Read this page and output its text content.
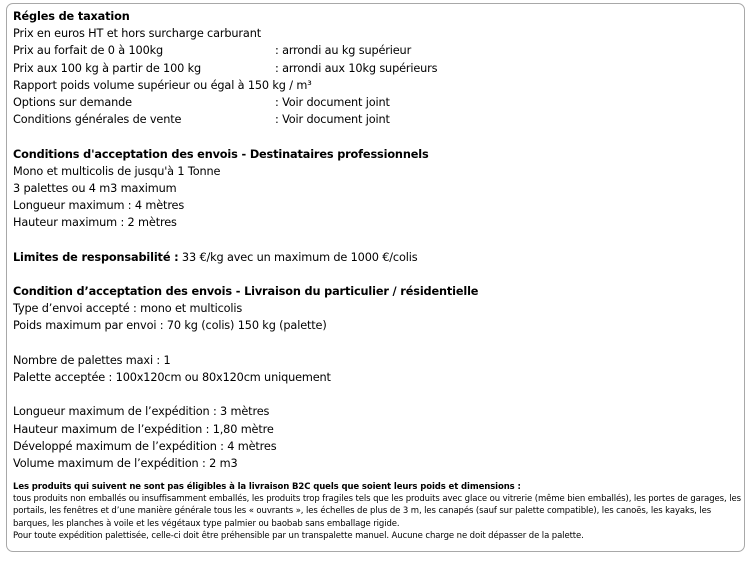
Régles de taxation
Prix en euros HT et hors surcharge carburant
Prix au forfait de 0 à 100kg	: arrondi au kg supérieur
Prix aux 100 kg à partir de 100 kg	: arrondi aux 10kg supérieurs
Rapport poids volume supérieur ou égal à 150 kg / m³
Options sur demande	: Voir document joint
Conditions générales de vente	: Voir document joint
Conditions d'acceptation des envois - Destinataires professionnels
Mono et multicolis de jusqu'à 1 Tonne
3 palettes ou 4 m3 maximum
Longueur maximum : 4 mètres
Hauteur maximum : 2 mètres
Limites de responsabilité : 33 €/kg avec un maximum de 1000 €/colis
Condition d’acceptation des envois - Livraison du particulier / résidentielle
Type d’envoi accepté : mono et multicolis
Poids maximum par envoi : 70 kg (colis) 150 kg (palette)
Nombre de palettes maxi : 1
Palette acceptée : 100x120cm ou 80x120cm uniquement
Longueur maximum de l’expédition : 3 mètres
Hauteur maximum de l’expédition : 1,80 mètre
Développé maximum de l’expédition : 4 mètres
Volume maximum de l’expédition : 2 m3

Les produits qui suivent ne sont pas éligibles à la livraison B2C quels que soient leurs poids et dimensions :

tous produits non emballés ou insuffisamment emballés, les produits trop fragiles tels que les produits avec glace ou vitrerie (même bien emballés), les portes de garages, les portails, les fenêtres et d’une manière générale tous les « ouvrants », les échelles de plus de 3 m, les canapés (sauf sur palette compatible), les canoës, les kayaks, les barques, les planches à voile et les végétaux type palmier ou baobab sans emballage rigide.

Pour toute expédition palettisée, celle-ci doit être préhensible par un transpalette manuel. Aucune charge ne doit dépasser de la palette.
